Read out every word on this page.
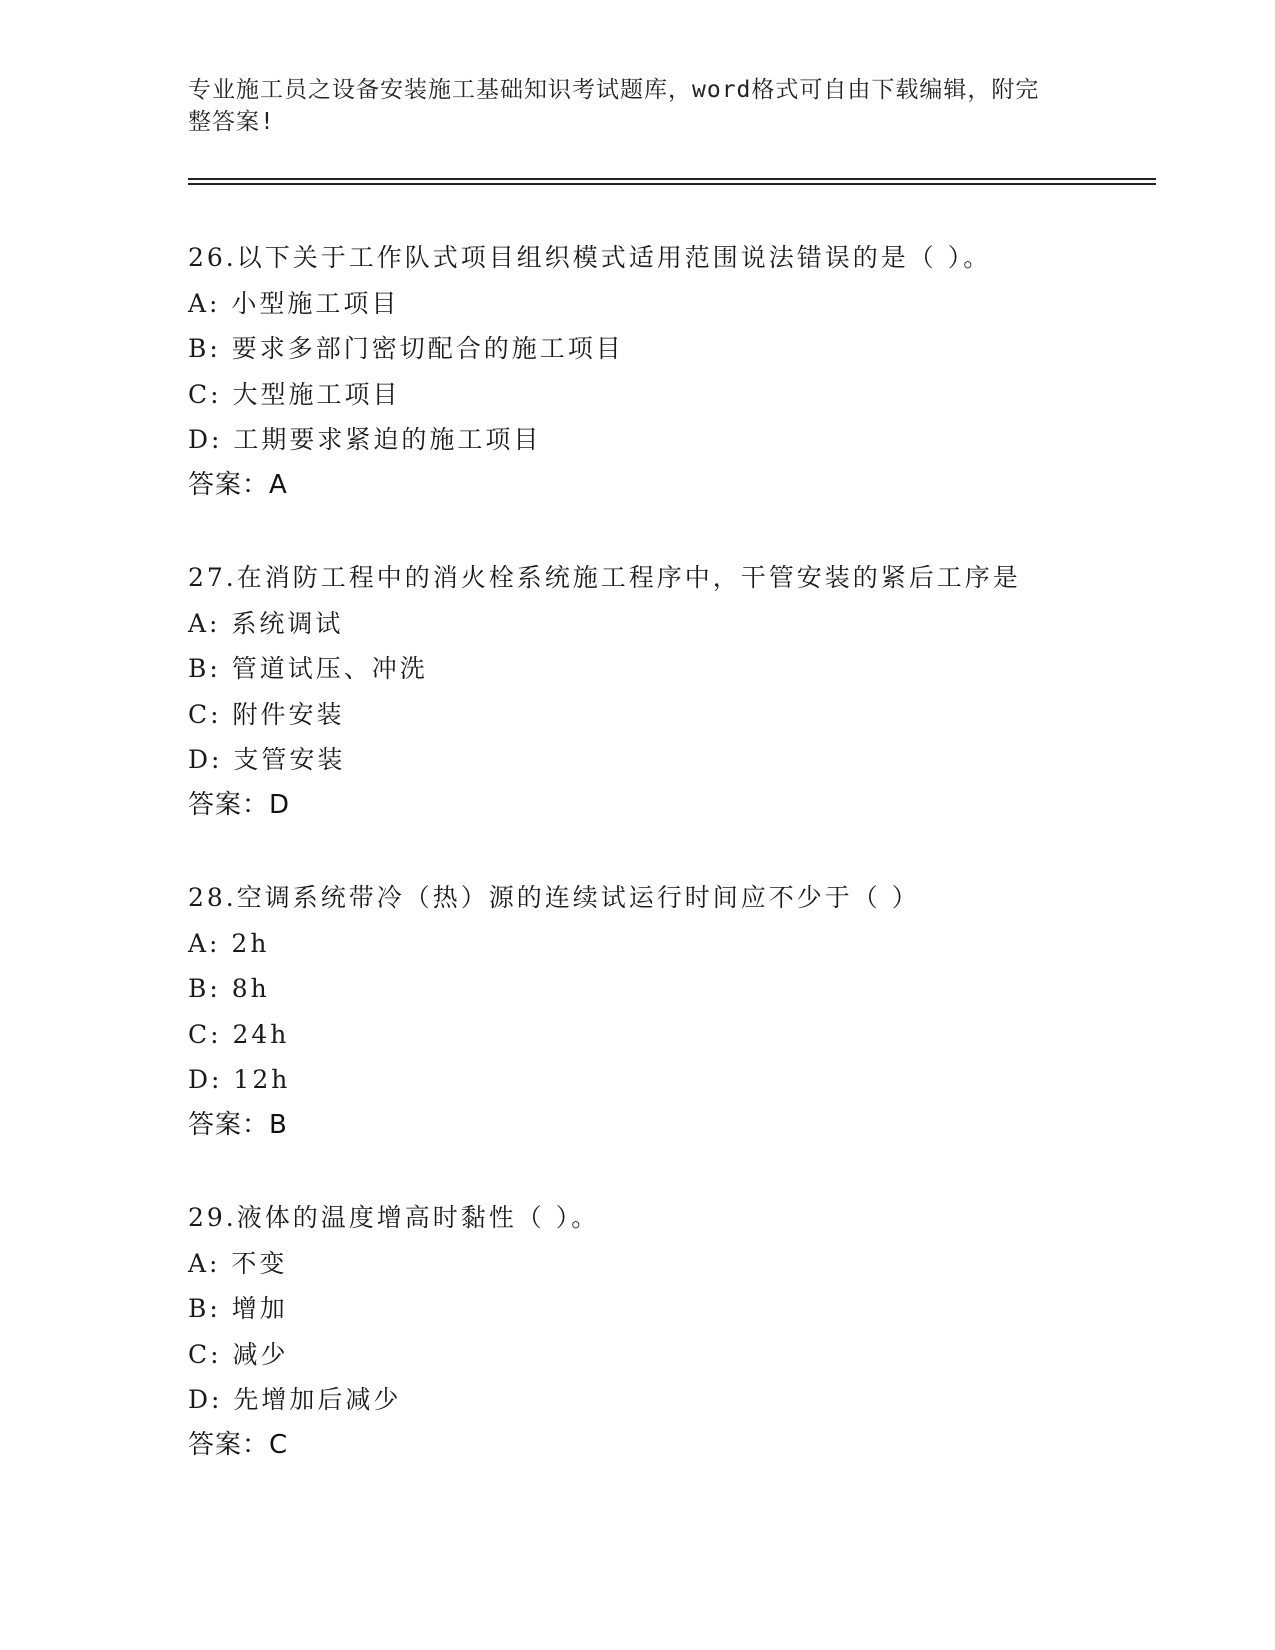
专业施工员之设备安装施工基础知识考试题库，word格式可自由下载编辑，附完
整答案!
26.以下关于工作队式项目组织模式适用范围说法错误的是（ ）。
A: 小型施工项目
B: 要求多部门密切配合的施工项目
C: 大型施工项目
D: 工期要求紧迫的施工项目
答案：A
27.在消防工程中的消火栓系统施工程序中，干管安装的紧后工序是
A: 系统调试
B: 管道试压、冲洗
C: 附件安装
D: 支管安装
答案：D
28.空调系统带冷（热）源的连续试运行时间应不少于（ ）
A: 2h
B: 8h
C: 24h
D: 12h
答案：B
29.液体的温度增高时黏性（ ）。
A: 不变
B: 增加
C: 减少
D: 先增加后减少
答案：C
